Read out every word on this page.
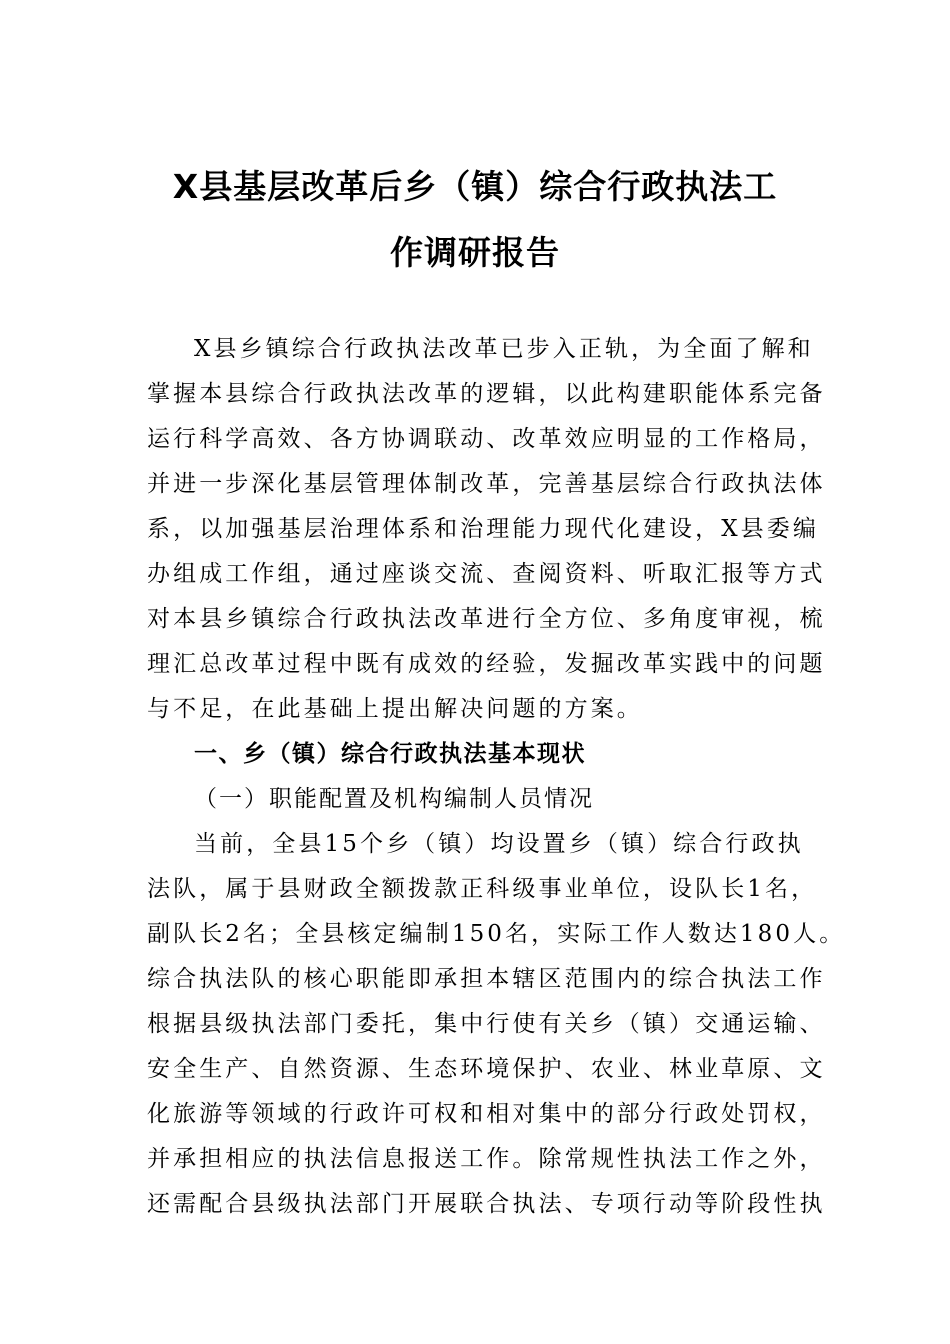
X县基层改革后乡（镇）综合行政执法工
作调研报告
X县乡镇综合行政执法改革已步入正轨，为全面了解和
掌握本县综合行政执法改革的逻辑，以此构建职能体系完备
运行科学高效、各方协调联动、改革效应明显的工作格局，
并进一步深化基层管理体制改革，完善基层综合行政执法体
系，以加强基层治理体系和治理能力现代化建设，X县委编
办组成工作组，通过座谈交流、查阅资料、听取汇报等方式
对本县乡镇综合行政执法改革进行全方位、多角度审视，梳
理汇总改革过程中既有成效的经验，发掘改革实践中的问题
与不足，在此基础上提出解决问题的方案。
一、乡（镇）综合行政执法基本现状
（一）职能配置及机构编制人员情况
当前，全县15个乡（镇）均设置乡（镇）综合行政执
法队，属于县财政全额拨款正科级事业单位，设队长1名，
副队长2名；全县核定编制150名，实际工作人数达180人。
综合执法队的核心职能即承担本辖区范围内的综合执法工作
根据县级执法部门委托，集中行使有关乡（镇）交通运输、
安全生产、自然资源、生态环境保护、农业、林业草原、文
化旅游等领域的行政许可权和相对集中的部分行政处罚权，
并承担相应的执法信息报送工作。除常规性执法工作之外，
还需配合县级执法部门开展联合执法、专项行动等阶段性执
